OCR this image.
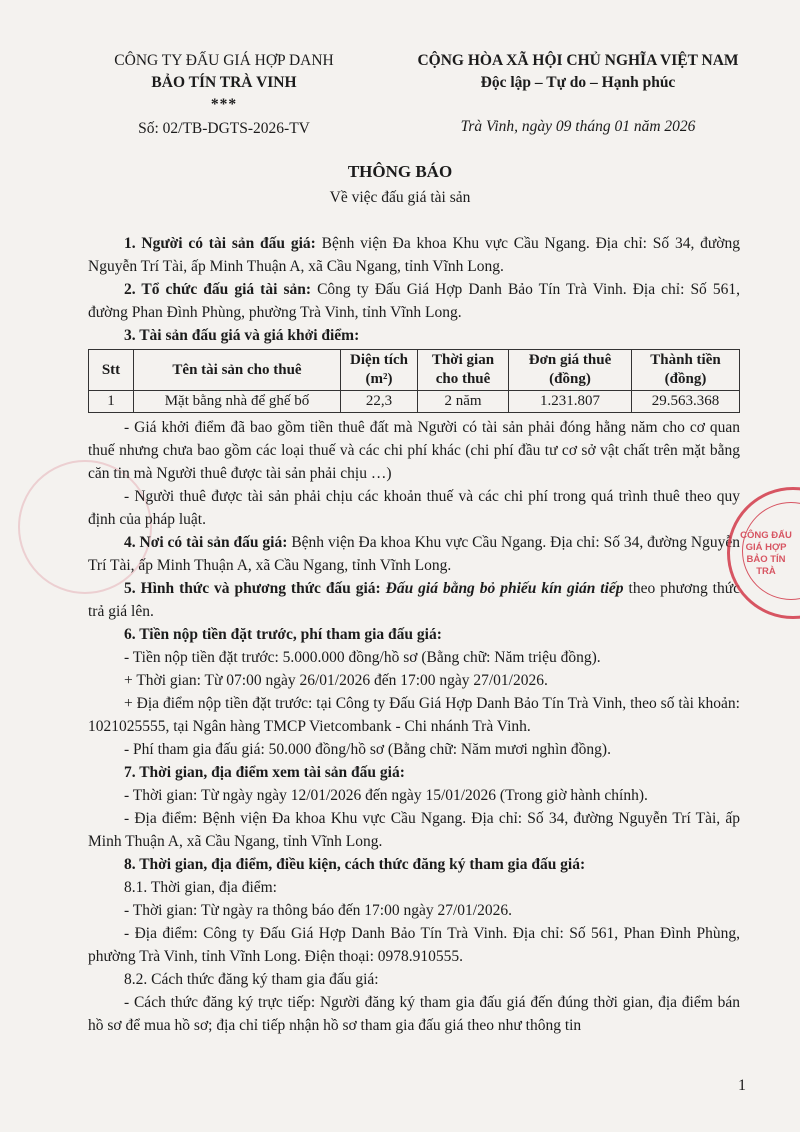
CÔNG TY ĐẤU GIÁ HỢP DANH
BẢO TÍN TRÀ VINH
***
Số: 02/TB-DGTS-2026-TV
CỘNG HÒA XÃ HỘI CHỦ NGHĨA VIỆT NAM
Độc lập – Tự do – Hạnh phúc
Trà Vinh, ngày 09 tháng 01 năm 2026
THÔNG BÁO
Về việc đấu giá tài sản

1. Người có tài sản đấu giá: Bệnh viện Đa khoa Khu vực Cầu Ngang. Địa chỉ: Số 34, đường Nguyễn Trí Tài, ấp Minh Thuận A, xã Cầu Ngang, tỉnh Vĩnh Long.

2. Tổ chức đấu giá tài sản: Công ty Đấu Giá Hợp Danh Bảo Tín Trà Vinh. Địa chỉ: Số 561, đường Phan Đình Phùng, phường Trà Vinh, tỉnh Vĩnh Long.

3. Tài sản đấu giá và giá khởi điểm:

Stt	Tên tài sản cho thuê	Diện tích (m²)	Thời gian cho thuê	Đơn giá thuê (đồng)	Thành tiền (đồng)
1	Mặt bằng nhà để ghế bố	22,3	2 năm	1.231.807	29.563.368

- Giá khởi điểm đã bao gồm tiền thuê đất mà Người có tài sản phải đóng hằng năm cho cơ quan thuế nhưng chưa bao gồm các loại thuế và các chi phí khác (chi phí đầu tư cơ sở vật chất trên mặt bằng căn tin mà Người thuê được tài sản phải chịu …)

- Người thuê được tài sản phải chịu các khoản thuế và các chi phí trong quá trình thuê theo quy định của pháp luật.

4. Nơi có tài sản đấu giá: Bệnh viện Đa khoa Khu vực Cầu Ngang. Địa chỉ: Số 34, đường Nguyễn Trí Tài, ấp Minh Thuận A, xã Cầu Ngang, tỉnh Vĩnh Long.

5. Hình thức và phương thức đấu giá: Đấu giá bằng bỏ phiếu kín gián tiếp theo phương thức trả giá lên.

6. Tiền nộp tiền đặt trước, phí tham gia đấu giá:

- Tiền nộp tiền đặt trước: 5.000.000 đồng/hồ sơ (Bằng chữ: Năm triệu đồng).

+ Thời gian: Từ 07:00 ngày 26/01/2026 đến 17:00 ngày 27/01/2026.

+ Địa điểm nộp tiền đặt trước: tại Công ty Đấu Giá Hợp Danh Bảo Tín Trà Vinh, theo số tài khoản: 1021025555, tại Ngân hàng TMCP Vietcombank - Chi nhánh Trà Vinh.

- Phí tham gia đấu giá: 50.000 đồng/hồ sơ (Bằng chữ: Năm mươi nghìn đồng).

7. Thời gian, địa điểm xem tài sản đấu giá:

- Thời gian: Từ ngày ngày 12/01/2026 đến ngày 15/01/2026 (Trong giờ hành chính).

- Địa điểm: Bệnh viện Đa khoa Khu vực Cầu Ngang. Địa chỉ: Số 34, đường Nguyễn Trí Tài, ấp Minh Thuận A, xã Cầu Ngang, tỉnh Vĩnh Long.

8. Thời gian, địa điểm, điều kiện, cách thức đăng ký tham gia đấu giá:

8.1. Thời gian, địa điểm:

- Thời gian: Từ ngày ra thông báo đến 17:00 ngày 27/01/2026.

- Địa điểm: Công ty Đấu Giá Hợp Danh Bảo Tín Trà Vinh. Địa chỉ: Số 561, Phan Đình Phùng, phường Trà Vinh, tỉnh Vĩnh Long. Điện thoại: 0978.910555.

8.2. Cách thức đăng ký tham gia đấu giá:

- Cách thức đăng ký trực tiếp: Người đăng ký tham gia đấu giá đến đúng thời gian, địa điểm bán hồ sơ để mua hồ sơ; địa chỉ tiếp nhận hồ sơ tham gia đấu giá theo như thông tin

CÔNG ĐẤU GIÁ HỢP BẢO TÍN TRÀ
1
